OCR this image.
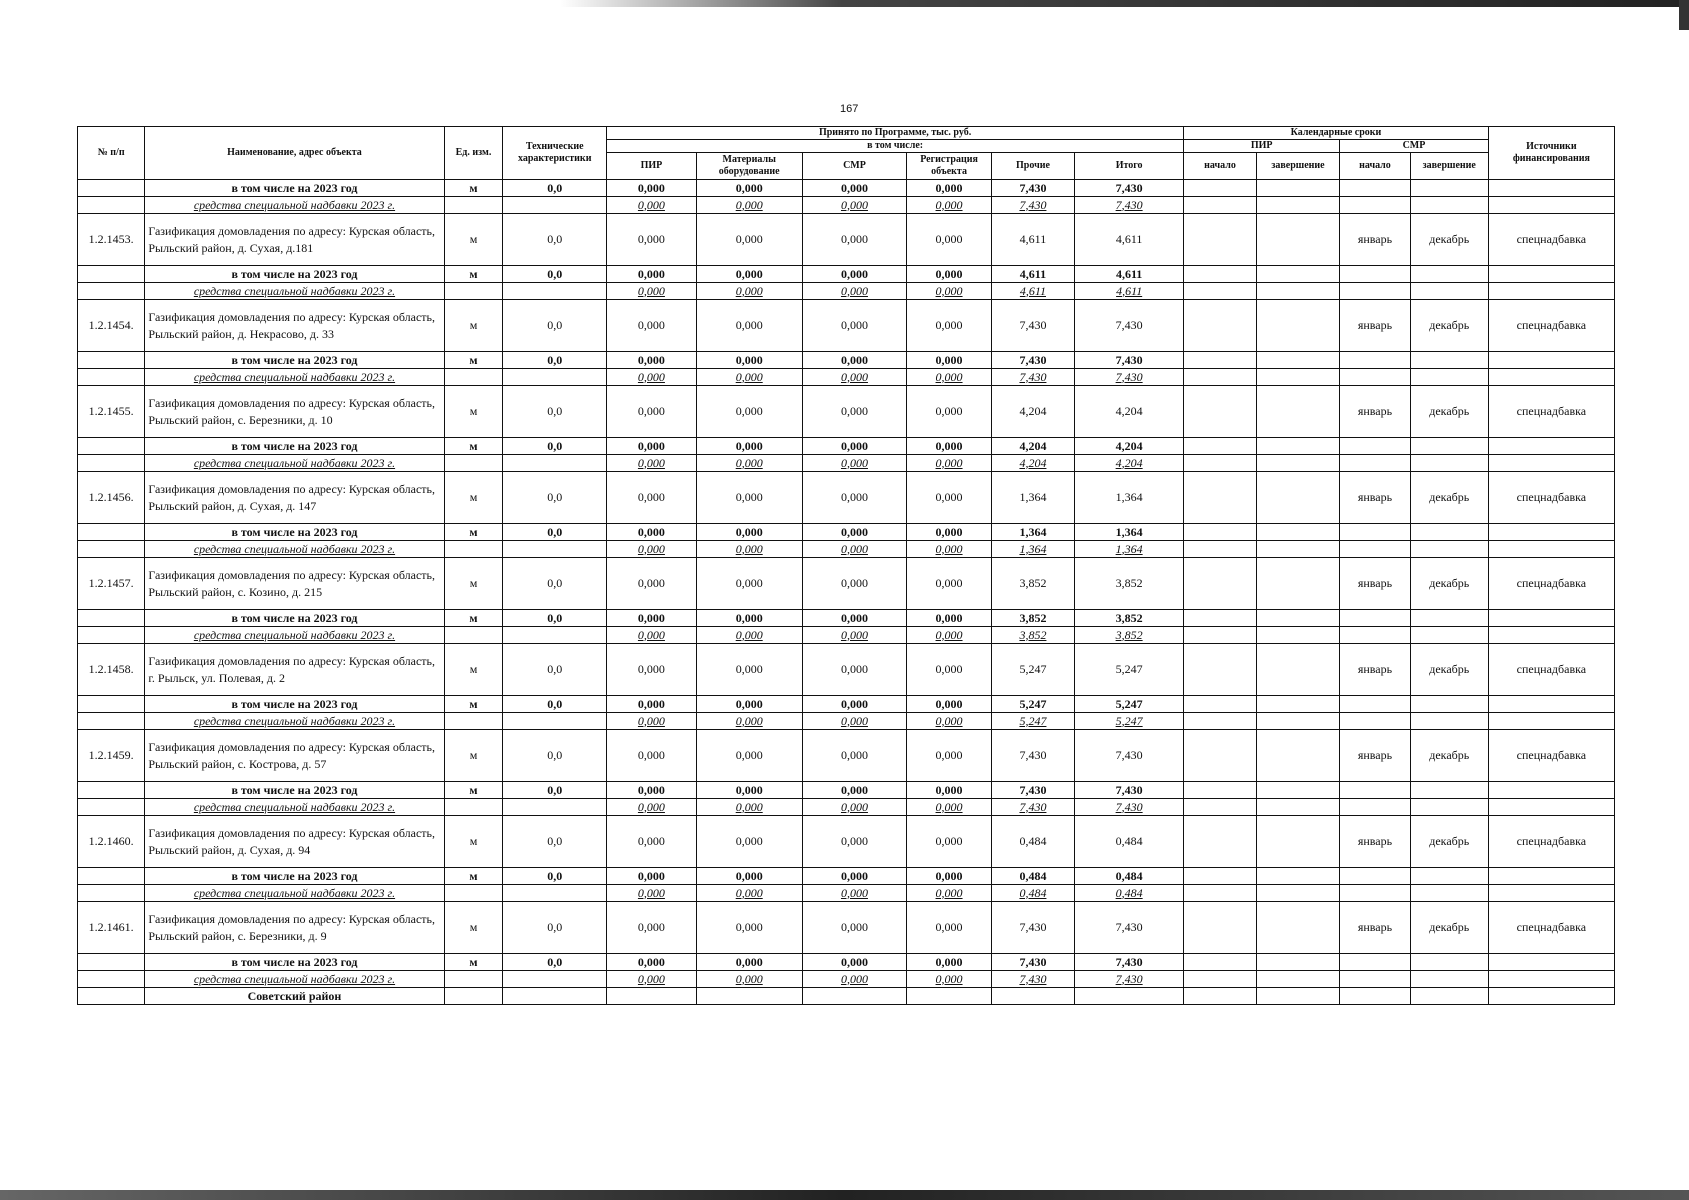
167
№ п/п	Наименование, адрес объекта	Ед. изм.	Технические характеристики	Принято по Программе, тыс. руб.						Календарные сроки				Источники финансирования
				в том числе:						ПИР		СМР		
				ПИР	Материалы оборудование	СМР	Регистрация объекта	Прочие	Итого	начало	завершение	начало	завершение	
	в том числе на 2023 год	м	0,0	0,000	0,000	0,000	0,000	7,430	7,430					
	средства специальной надбавки 2023 г.			0,000	0,000	0,000	0,000	7,430	7,430					
1.2.1453.	Газификация домовладения по адресу: Курская область, Рыльский район, д. Сухая, д.181	м	0,0	0,000	0,000	0,000	0,000	4,611	4,611			январь	декабрь	спецнадбавка
	в том числе на 2023 год	м	0,0	0,000	0,000	0,000	0,000	4,611	4,611					
	средства специальной надбавки 2023 г.			0,000	0,000	0,000	0,000	4,611	4,611					
1.2.1454.	Газификация домовладения по адресу: Курская область, Рыльский район, д. Некрасово, д. 33	м	0,0	0,000	0,000	0,000	0,000	7,430	7,430			январь	декабрь	спецнадбавка
	в том числе на 2023 год	м	0,0	0,000	0,000	0,000	0,000	7,430	7,430					
	средства специальной надбавки 2023 г.			0,000	0,000	0,000	0,000	7,430	7,430					
1.2.1455.	Газификация домовладения по адресу: Курская область, Рыльский район, с. Березники, д. 10	м	0,0	0,000	0,000	0,000	0,000	4,204	4,204			январь	декабрь	спецнадбавка
	в том числе на 2023 год	м	0,0	0,000	0,000	0,000	0,000	4,204	4,204					
	средства специальной надбавки 2023 г.			0,000	0,000	0,000	0,000	4,204	4,204					
1.2.1456.	Газификация домовладения по адресу: Курская область, Рыльский район, д. Сухая, д. 147	м	0,0	0,000	0,000	0,000	0,000	1,364	1,364			январь	декабрь	спецнадбавка
	в том числе на 2023 год	м	0,0	0,000	0,000	0,000	0,000	1,364	1,364					
	средства специальной надбавки 2023 г.			0,000	0,000	0,000	0,000	1,364	1,364					
1.2.1457.	Газификация домовладения по адресу: Курская область, Рыльский район, с. Козино, д. 215	м	0,0	0,000	0,000	0,000	0,000	3,852	3,852			январь	декабрь	спецнадбавка
	в том числе на 2023 год	м	0,0	0,000	0,000	0,000	0,000	3,852	3,852					
	средства специальной надбавки 2023 г.			0,000	0,000	0,000	0,000	3,852	3,852					
1.2.1458.	Газификация домовладения по адресу: Курская область, г. Рыльск, ул. Полевая, д. 2	м	0,0	0,000	0,000	0,000	0,000	5,247	5,247			январь	декабрь	спецнадбавка
	в том числе на 2023 год	м	0,0	0,000	0,000	0,000	0,000	5,247	5,247					
	средства специальной надбавки 2023 г.			0,000	0,000	0,000	0,000	5,247	5,247					
1.2.1459.	Газификация домовладения по адресу: Курская область, Рыльский район, с. Кострова, д. 57	м	0,0	0,000	0,000	0,000	0,000	7,430	7,430			январь	декабрь	спецнадбавка
	в том числе на 2023 год	м	0,0	0,000	0,000	0,000	0,000	7,430	7,430					
	средства специальной надбавки 2023 г.			0,000	0,000	0,000	0,000	7,430	7,430					
1.2.1460.	Газификация домовладения по адресу: Курская область, Рыльский район, д. Сухая, д. 94	м	0,0	0,000	0,000	0,000	0,000	0,484	0,484			январь	декабрь	спецнадбавка
	в том числе на 2023 год	м	0,0	0,000	0,000	0,000	0,000	0,484	0,484					
	средства специальной надбавки 2023 г.			0,000	0,000	0,000	0,000	0,484	0,484					
1.2.1461.	Газификация домовладения по адресу: Курская область, Рыльский район, с. Березники, д. 9	м	0,0	0,000	0,000	0,000	0,000	7,430	7,430			январь	декабрь	спецнадбавка
	в том числе на 2023 год	м	0,0	0,000	0,000	0,000	0,000	7,430	7,430					
	средства специальной надбавки 2023 г.			0,000	0,000	0,000	0,000	7,430	7,430					
	Советский район													
